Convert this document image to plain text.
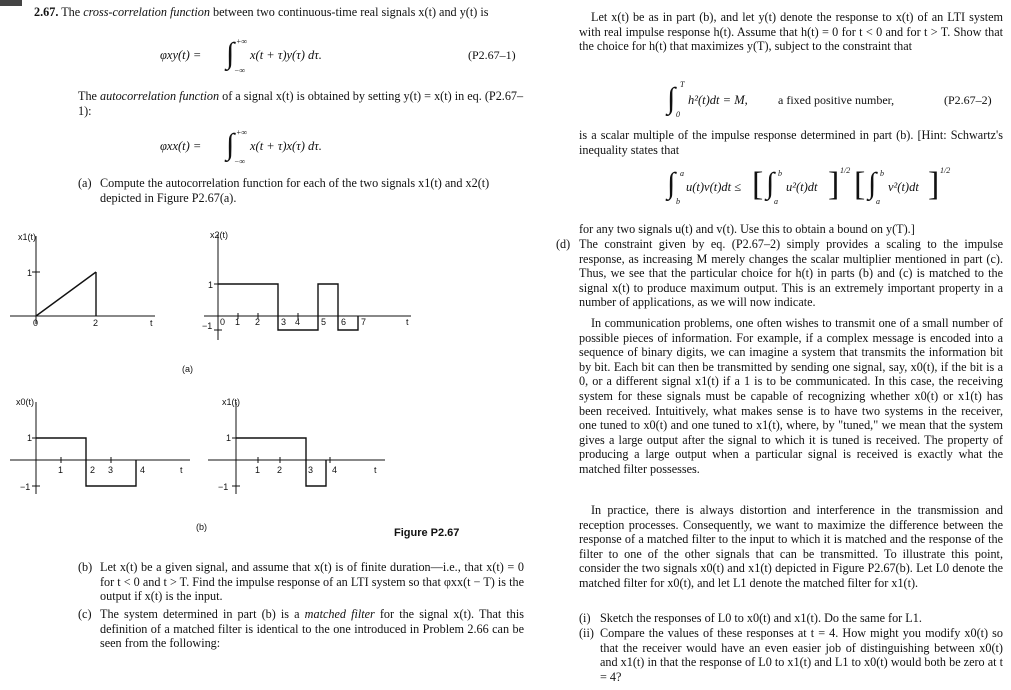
2.67. The cross-correlation function between two continuous-time real signals x(t) and y(t) is
φxy(t) = ∫ +∞
−∞
x(t + τ)y(τ) dτ.	(P2.67–1)
The autocorrelation function of a signal x(t) is obtained by setting y(t) = x(t) in eq. (P2.67–1):
φxx(t) = ∫ +∞
−∞
x(t + τ)x(τ) dτ.
(a) Compute the autocorrelation function for each of the two signals x1(t) and x2(t) depicted in Figure P2.67(a).
x1(t)
1
0	2	t
x2(t)
1
−1 0 1 2 3 4 5 6 7	t
(a)
x0(t)
1
−1
1	2 3	4	t
x1(t)
1
−1
1 2	3 4	t
(b)	Figure P2.67
(b) Let x(t) be a given signal, and assume that x(t) is of finite duration—i.e., that x(t) = 0 for t < 0 and t > T. Find the impulse response of an LTI system so that φxx(t − T) is the output if x(t) is the input.
(c) The system determined in part (b) is a matched filter for the signal x(t). That this definition of a matched filter is identical to the one introduced in Problem 2.66 can be seen from the following:
Let x(t) be as in part (b), and let y(t) denote the response to x(t) of an LTI system with real impulse response h(t). Assume that h(t) = 0 for t < 0 and for t > T. Show that the choice for h(t) that maximizes y(T), subject to the constraint that
∫ T
0
h²(t)dt = M,	a fixed positive number,	(P2.67–2)
is a scalar multiple of the impulse response determined in part (b). [Hint: Schwartz's inequality states that
∫ a
b
u(t)v(t)dt ≤ [ ∫ b
a
u²(t)dt ] 1/2 [ ∫ b
a
v²(t)dt ] 1/2
for any two signals u(t) and v(t). Use this to obtain a bound on y(T).]
(d) The constraint given by eq. (P2.67–2) simply provides a scaling to the impulse response, as increasing M merely changes the scalar multiplier mentioned in part (c). Thus, we see that the particular choice for h(t) in parts (b) and (c) is matched to the signal x(t) to produce maximum output. This is an extremely important property in a number of applications, as we will now indicate.
In communication problems, one often wishes to transmit one of a small number of possible pieces of information. For example, if a complex message is encoded into a sequence of binary digits, we can imagine a system that transmits the information bit by bit. Each bit can then be transmitted by sending one signal, say, x0(t), if the bit is a 0, or a different signal x1(t) if a 1 is to be communicated. In this case, the receiving system for these signals must be capable of recognizing whether x0(t) or x1(t) has been received. Intuitively, what makes sense is to have two systems in the receiver, one tuned to x0(t) and one tuned to x1(t), where, by "tuned," we mean that the system gives a large output after the signal to which it is tuned is received. The property of producing a large output when a particular signal is received is exactly what the matched filter possesses.
In practice, there is always distortion and interference in the transmission and reception processes. Consequently, we want to maximize the difference between the response of a matched filter to the input to which it is matched and the response of the filter to one of the other signals that can be transmitted. To illustrate this point, consider the two signals x0(t) and x1(t) depicted in Figure P2.67(b). Let L0 denote the matched filter for x0(t), and let L1 denote the matched filter for x1(t).
(i) Sketch the responses of L0 to x0(t) and x1(t). Do the same for L1.
(ii) Compare the values of these responses at t = 4. How might you modify x0(t) so that the receiver would have an even easier job of distinguishing between x0(t) and x1(t) in that the response of L0 to x1(t) and L1 to x0(t) would both be zero at t = 4?
